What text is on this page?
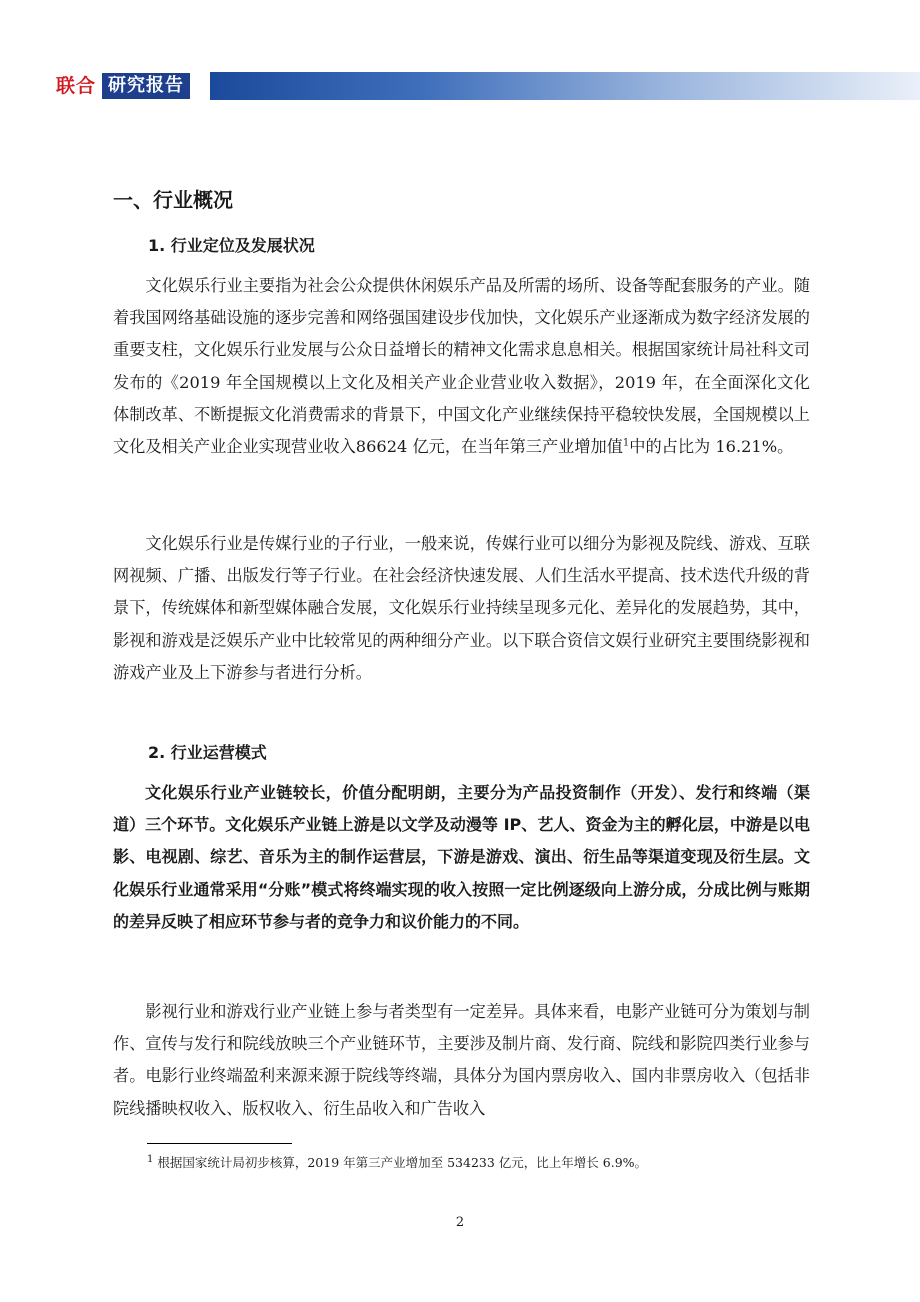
联合 研究报告
一、行业概况
1. 行业定位及发展状况

文化娱乐行业主要指为社会公众提供休闲娱乐产品及所需的场所、设备等配套服务的产业。随着我国网络基础设施的逐步完善和网络强国建设步伐加快，文化娱乐产业逐渐成为数字经济发展的重要支柱，文化娱乐行业发展与公众日益增长的精神文化需求息息相关。根据国家统计局社科文司发布的《2019 年全国规模以上文化及相关产业企业营业收入数据》，2019 年，在全面深化文化体制改革、不断提振文化消费需求的背景下，中国文化产业继续保持平稳较快发展，全国规模以上文化及相关产业企业实现营业收入86624 亿元，在当年第三产业增加值$^1$中的占比为 16.21%。

文化娱乐行业是传媒行业的子行业，一般来说，传媒行业可以细分为影视及院线、游戏、互联网视频、广播、出版发行等子行业。在社会经济快速发展、人们生活水平提高、技术迭代升级的背景下，传统媒体和新型媒体融合发展，文化娱乐行业持续呈现多元化、差异化的发展趋势，其中，影视和游戏是泛娱乐产业中比较常见的两种细分产业。以下联合资信文娱行业研究主要围绕影视和游戏产业及上下游参与者进行分析。

2. 行业运营模式

文化娱乐行业产业链较长，价值分配明朗，主要分为产品投资制作（开发）、发行和终端（渠道）三个环节。文化娱乐产业链上游是以文学及动漫等 IP、艺人、资金为主的孵化层，中游是以电影、电视剧、综艺、音乐为主的制作运营层，下游是游戏、演出、衍生品等渠道变现及衍生层。文化娱乐行业通常采用“分账”模式将终端实现的收入按照一定比例逐级向上游分成，分成比例与账期的差异反映了相应环节参与者的竞争力和议价能力的不同。

影视行业和游戏行业产业链上参与者类型有一定差异。具体来看，电影产业链可分为策划与制作、宣传与发行和院线放映三个产业链环节，主要涉及制片商、发行商、院线和影院四类行业参与者。电影行业终端盈利来源来源于院线等终端，具体分为国内票房收入、国内非票房收入（包括非院线播映权收入、版权收入、衍生品收入和广告收入

$^1$ 根据国家统计局初步核算，2019 年第三产业增加至 534233 亿元，比上年增长 6.9%。
2
